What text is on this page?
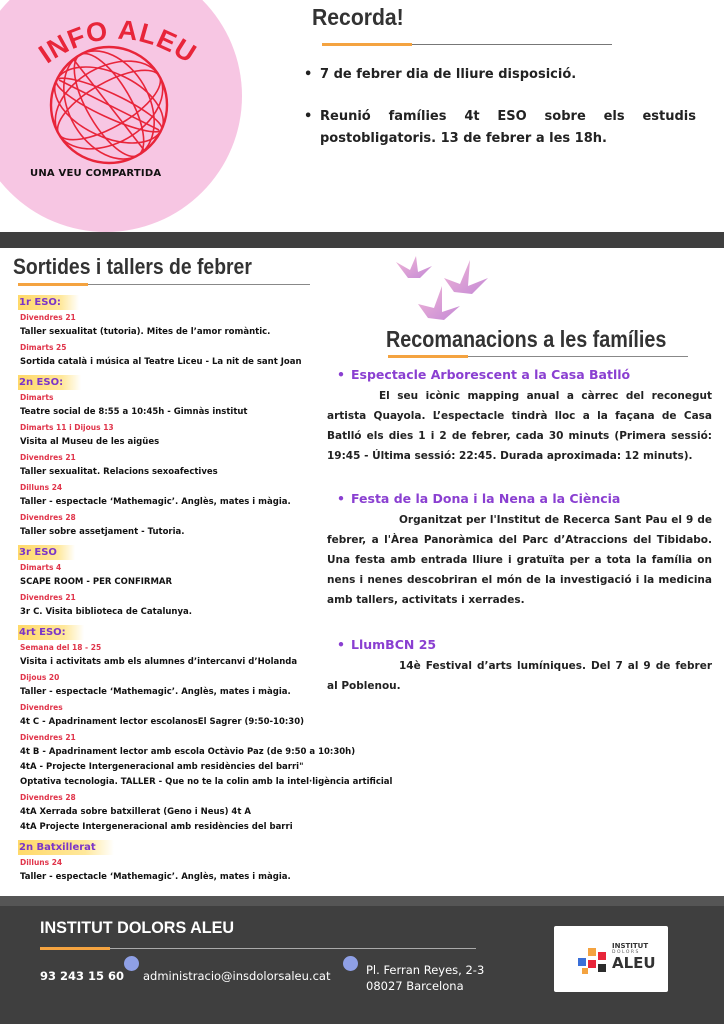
INFO ALEU
UNA VEU COMPARTIDA
Recorda!
• 7 de febrer dia de lliure disposició.
• Reunió famílies 4t ESO sobre els estudis postobligatoris. 13 de febrer a les 18h.
Sortides i tallers de febrer
1r ESO:
Divendres 21
Taller sexualitat (tutoria). Mites de l’amor romàntic.
Dimarts 25
Sortida català i música al Teatre Liceu - La nit de sant Joan
2n ESO:
Dimarts
Teatre social de 8:55 a 10:45h - Gimnàs institut
Dimarts 11 i Dijous 13
Visita al Museu de les aigües
Divendres 21
Taller sexualitat. Relacions sexoafectives
Dilluns 24
Taller - espectacle ‘Mathemagic’. Anglès, mates i màgia.
Divendres 28
Taller sobre assetjament - Tutoria.
3r ESO
Dimarts 4
SCAPE ROOM - PER CONFIRMAR
Divendres 21
3r C. Visita biblioteca de Catalunya.
4rt ESO:
Semana del 18 - 25
Visita i activitats amb els alumnes d’intercanvi d’Holanda
Dijous 20
Taller - espectacle ‘Mathemagic’. Anglès, mates i màgia.
Divendres
4t C - Apadrinament lector escolanosEl Sagrer (9:50-10:30)
Divendres 21
4t B - Apadrinament lector amb escola Octàvio Paz (de 9:50 a 10:30h)
4tA - Projecte Intergeneracional amb residències del barri"
Optativa tecnologia. TALLER - Que no te la colin amb la intel·ligència artificial
Divendres 28
4tA Xerrada sobre batxillerat (Geno i Neus) 4t A
4tA Projecte Intergeneracional amb residències del barri
2n Batxillerat
Dilluns 24
Taller - espectacle ‘Mathemagic’. Anglès, mates i màgia.
Recomanacions a les famílies
• Espectacle Arborescent a la Casa Batlló
El seu icònic mapping anual a càrrec del reconegut artista Quayola. L’espectacle tindrà lloc a la façana de Casa Batlló els dies 1 i 2 de febrer, cada 30 minuts (Primera sessió: 19:45 - Última sessió: 22:45. Durada aproximada: 12 minuts).
• Festa de la Dona i la Nena a la Ciència
Organitzat per l'Institut de Recerca Sant Pau el 9 de febrer, a l'Àrea Panoràmica del Parc d’Atraccions del Tibidabo. Una festa amb entrada lliure i gratuïta per a tota la família on nens i nenes descobriran el món de la investigació i la medicina amb tallers, activitats i xerrades.
• LlumBCN 25
14è Festival d’arts lumíniques. Del 7 al 9 de febrer al Poblenou.
INSTITUT DOLORS ALEU
93 243 15 60 administracio@insdolorsaleu.cat	Pl. Ferran Reyes, 2-3
08027 Barcelona
INSTITUT
DOLORS
ALEU
